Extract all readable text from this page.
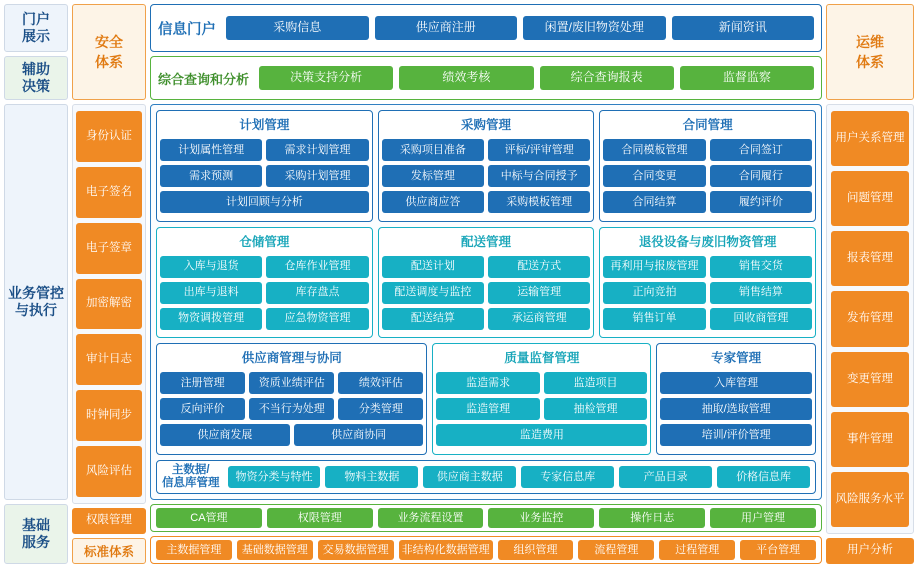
门户
展示
辅助
决策
业务管控
与执行
基础
服务
安全
体系
身份认证
电子签名
电子签章
加密解密
审计日志
时钟同步
风险评估
权限管理
标准体系
信息门户	采购信息	供应商注册	闲置/废旧物资处理	新闻资讯
综合查询和分析	决策支持分析	绩效考核	综合查询报表	监督监察
计划管理
计划属性管理	需求计划管理
需求预测	采购计划管理
计划回顾与分析
采购管理
采购项目准备	评标/评审管理
发标管理	中标与合同授予
供应商应答	采购模板管理
合同管理
合同模板管理	合同签订
合同变更	合同履行
合同结算	履约评价
仓储管理
入库与退货	仓库作业管理
出库与退料	库存盘点
物资调拨管理	应急物资管理
配送管理
配送计划	配送方式
配送调度与监控	运输管理
配送结算	承运商管理
退役设备与废旧物资管理
再利用与报废管理	销售交货
正向竞拍	销售结算
销售订单	回收商管理
供应商管理与协同
注册管理	资质业绩评估	绩效评估
反向评价	不当行为处理	分类管理
供应商发展	供应商协同
质量监督管理
监造需求	监造项目
监造管理	抽检管理
监造费用
专家管理
入库管理
抽取/选取管理
培训/评价管理
主数据/
信息库管理
物资分类与特性	物料主数据	供应商主数据	专家信息库	产品目录	价格信息库
CA管理	权限管理	业务流程设置	业务监控	操作日志	用户管理
主数据管理	基础数据管理	交易数据管理	非结构化数据管理	组织管理	流程管理	过程管理	平台管理
运维
体系
用户关系管理
问题管理
报表管理
发布管理
变更管理
事件管理
风险服务水平
用户分析
